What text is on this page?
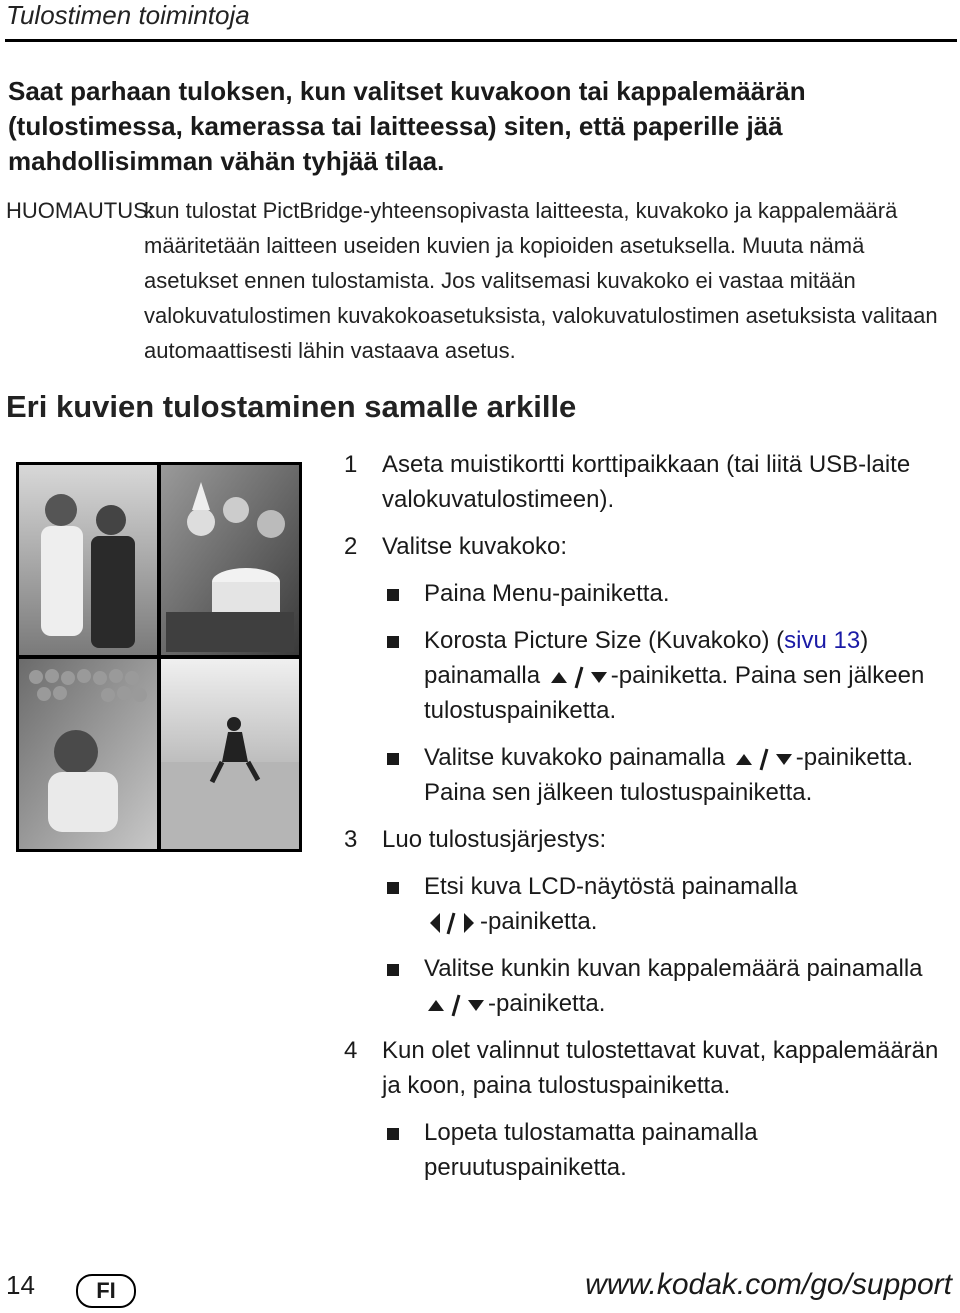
Tulostimen toimintoja
Saat parhaan tuloksen, kun valitset kuvakoon tai kappalemäärän (tulostimessa, kamerassa tai laitteessa) siten, että paperille jää mahdollisimman vähän tyhjää tilaa.
HUOMAUTUS:
kun tulostat PictBridge-yhteensopivasta laitteesta, kuvakoko ja kappalemäärä määritetään laitteen useiden kuvien ja kopioiden asetuksella. Muuta nämä asetukset ennen tulostamista. Jos valitsemasi kuvakoko ei vastaa mitään valokuvatulostimen kuvakokoasetuksista, valokuvatulostimen asetuksista valitaan automaattisesti lähin vastaava asetus.
Eri kuvien tulostaminen samalle arkille
1 Aseta muistikortti korttipaikkaan (tai liitä USB-laite valokuvatulostimeen).
2 Valitse kuvakoko:
Paina Menu-painiketta.
Korosta Picture Size (Kuvakoko) (sivu 13) painamalla	-painiketta. Paina sen jälkeen tulostuspainiketta.
Valitse kuvakoko painamalla	-painiketta. Paina sen jälkeen tulostuspainiketta.
3 Luo tulostusjärjestys:
Etsi kuva LCD-näytöstä painamalla
-painiketta.
Valitse kunkin kuvan kappalemäärä painamalla
-painiketta.
4 Kun olet valinnut tulostettavat kuvat, kappalemäärän ja koon, paina tulostuspainiketta.
Lopeta tulostamatta painamalla peruutuspainiketta.
14	FI	www.kodak.com/go/support
